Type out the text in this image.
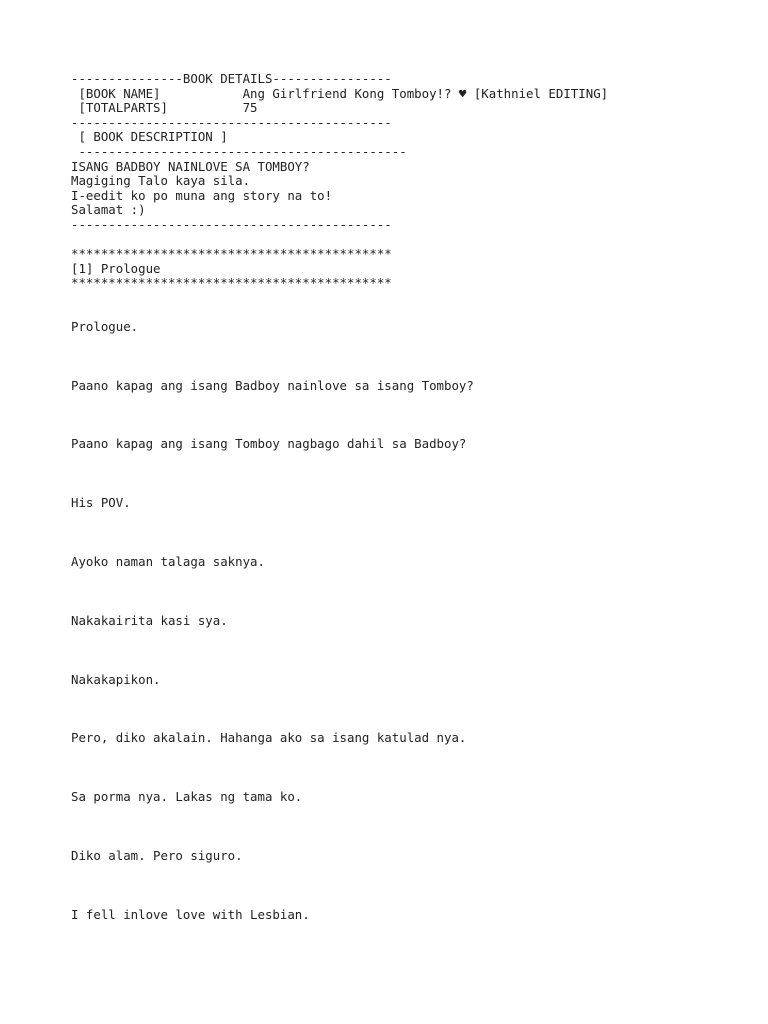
---------------BOOK DETAILS----------------
[BOOK NAME]           Ang Girlfriend Kong Tomboy!? ♥ [Kathniel EDITING]
[TOTALPARTS]          75
-------------------------------------------
[ BOOK DESCRIPTION ]
--------------------------------------------
ISANG BADBOY NAINLOVE SA TOMBOY?
Magiging Talo kaya sila.
I-eedit ko po muna ang story na to!
Salamat :)
-------------------------------------------
*******************************************
[1] Prologue
*******************************************
Prologue.
Paano kapag ang isang Badboy nainlove sa isang Tomboy?
Paano kapag ang isang Tomboy nagbago dahil sa Badboy?
His POV.
Ayoko naman talaga saknya.
Nakakairita kasi sya.
Nakakapikon.
Pero, diko akalain. Hahanga ako sa isang katulad nya.
Sa porma nya. Lakas ng tama ko.
Diko alam. Pero siguro.
I fell inlove love with Lesbian.
